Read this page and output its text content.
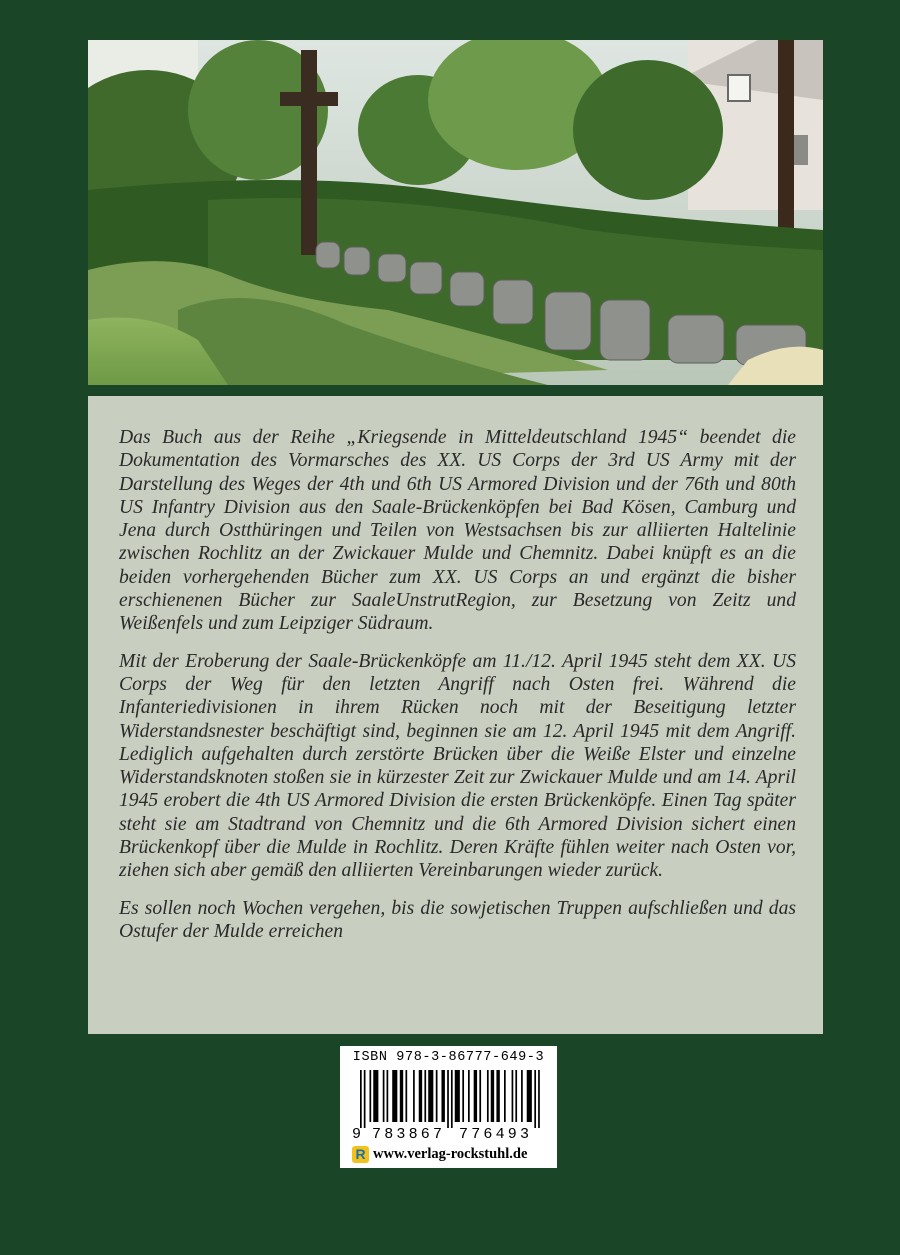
Das Buch aus der Reihe „Kriegsende in Mitteldeutschland 1945“ beendet die Dokumentation des Vormarsches des XX. US Corps der 3rd US Army mit der Darstellung des Weges der 4th und 6th US Armored Division und der 76th und 80th US Infantry Division aus den Saale-Brückenköpfen bei Bad Kösen, Camburg und Jena durch Ostthüringen und Teilen von Westsachsen bis zur alliierten Haltelinie zwischen Rochlitz an der Zwickauer Mulde und Chemnitz. Dabei knüpft es an die beiden vorhergehenden Bücher zum XX. US Corps an und ergänzt die bisher erschienenen Bücher zur SaaleUnstrutRegion, zur Besetzung von Zeitz und Weißenfels und zum Leipziger Südraum.

Mit der Eroberung der Saale-Brückenköpfe am 11./12. April 1945 steht dem XX. US Corps der Weg für den letzten Angriff nach Osten frei. Während die Infanteriedivisionen in ihrem Rücken noch mit der Beseitigung letzter Widerstandsnester beschäftigt sind, beginnen sie am 12. April 1945 mit dem Angriff. Lediglich aufgehalten durch zerstörte Brücken über die Weiße Elster und einzelne Widerstandsknoten stoßen sie in kürzester Zeit zur Zwickauer Mulde und am 14. April 1945 erobert die 4th US Armored Division die ersten Brückenköpfe. Einen Tag später steht sie am Stadtrand von Chemnitz und die 6th Armored Division sichert einen Brückenkopf über die Mulde in Rochlitz. Deren Kräfte fühlen weiter nach Osten vor, ziehen sich aber gemäß den alliierten Vereinbarungen wieder zurück.

Es sollen noch Wochen vergehen, bis die sowjetischen Truppen aufschließen und das Ostufer der Mulde erreichen

ISBN 978-3-86777-649-3
9 783867 776493
R www.verlag-rockstuhl.de
